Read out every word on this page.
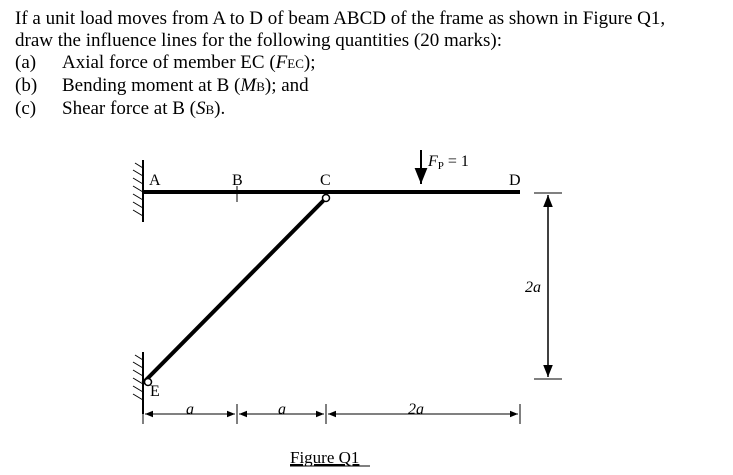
If a unit load moves from A to D of beam ABCD of the frame as shown in Figure Q1,
draw the influence lines for the following quantities (20 marks):
(a) Axial force of member EC (FEC);
(b) Bending moment at B (MB); and
(c) Shear force at B (SB).
A	B	C	D
E
FP = 1
2a
a	a	2a
Figure Q1
